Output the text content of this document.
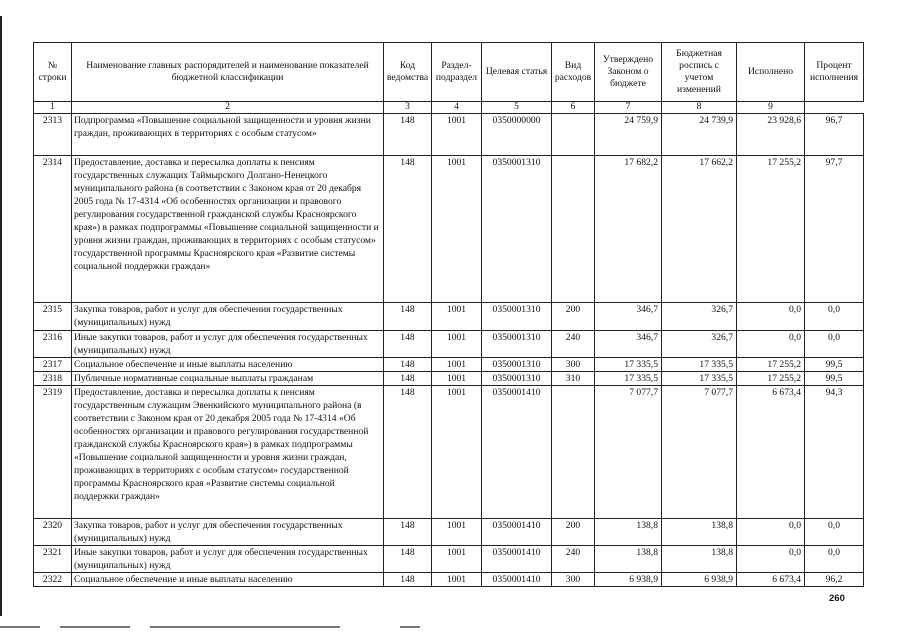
№ строки	Наименование главных распорядителей и наименование показателей бюджетной классификации	Код ведомства	Раздел-подраздел	Целевая статья	Вид расходов	Утверждено Законом о бюджете	Бюджетная роспись с учетом изменений	Исполнено	Процент исполнения
1	2	3	4	5	6	7	8	9	
2313	Подпрограмма «Повышение социальной защищенности и уровня жизни граждан, проживающих в территориях с особым статусом»	148	1001	0350000000		24 759,9	24 739,9	23 928,6	96,7
2314	Предоставление, доставка и пересылка доплаты к пенсиям государственных служащих Таймырского Долгано-Ненецкого муниципального района (в соответствии с Законом края от 20 декабря 2005 года № 17-4314 «Об особенностях организации и правового регулирования государственной гражданской службы Красноярского края») в рамках подпрограммы «Повышение социальной защищенности и уровня жизни граждан, проживающих в территориях с особым статусом» государственной программы Красноярского края «Развитие системы социальной поддержки граждан»	148	1001	0350001310		17 682,2	17 662,2	17 255,2	97,7
2315	Закупка товаров, работ и услуг для обеспечения государственных (муниципальных) нужд	148	1001	0350001310	200	346,7	326,7	0,0	0,0
2316	Иные закупки товаров, работ и услуг для обеспечения государственных (муниципальных) нужд	148	1001	0350001310	240	346,7	326,7	0,0	0,0
2317	Социальное обеспечение и иные выплаты населению	148	1001	0350001310	300	17 335,5	17 335,5	17 255,2	99,5
2318	Публичные нормативные социальные выплаты гражданам	148	1001	0350001310	310	17 335,5	17 335,5	17 255,2	99,5
2319	Предоставление, доставка и пересылка доплаты к пенсиям государственным служащим Эвенкийского муниципального района (в соответствии с Законом края от 20 декабря 2005 года № 17-4314 «Об особенностях организации и правового регулирования государственной гражданской службы Красноярского края») в рамках подпрограммы «Повышение социальной защищенности и уровня жизни граждан, проживающих в территориях с особым статусом» государственной программы Красноярского края «Развитие системы социальной поддержки граждан»	148	1001	0350001410		7 077,7	7 077,7	6 673,4	94,3
2320	Закупка товаров, работ и услуг для обеспечения государственных (муниципальных) нужд	148	1001	0350001410	200	138,8	138,8	0,0	0,0
2321	Иные закупки товаров, работ и услуг для обеспечения государственных (муниципальных) нужд	148	1001	0350001410	240	138,8	138,8	0,0	0,0
2322	Социальное обеспечение и иные выплаты населению	148	1001	0350001410	300	6 938,9	6 938,9	6 673,4	96,2
260
